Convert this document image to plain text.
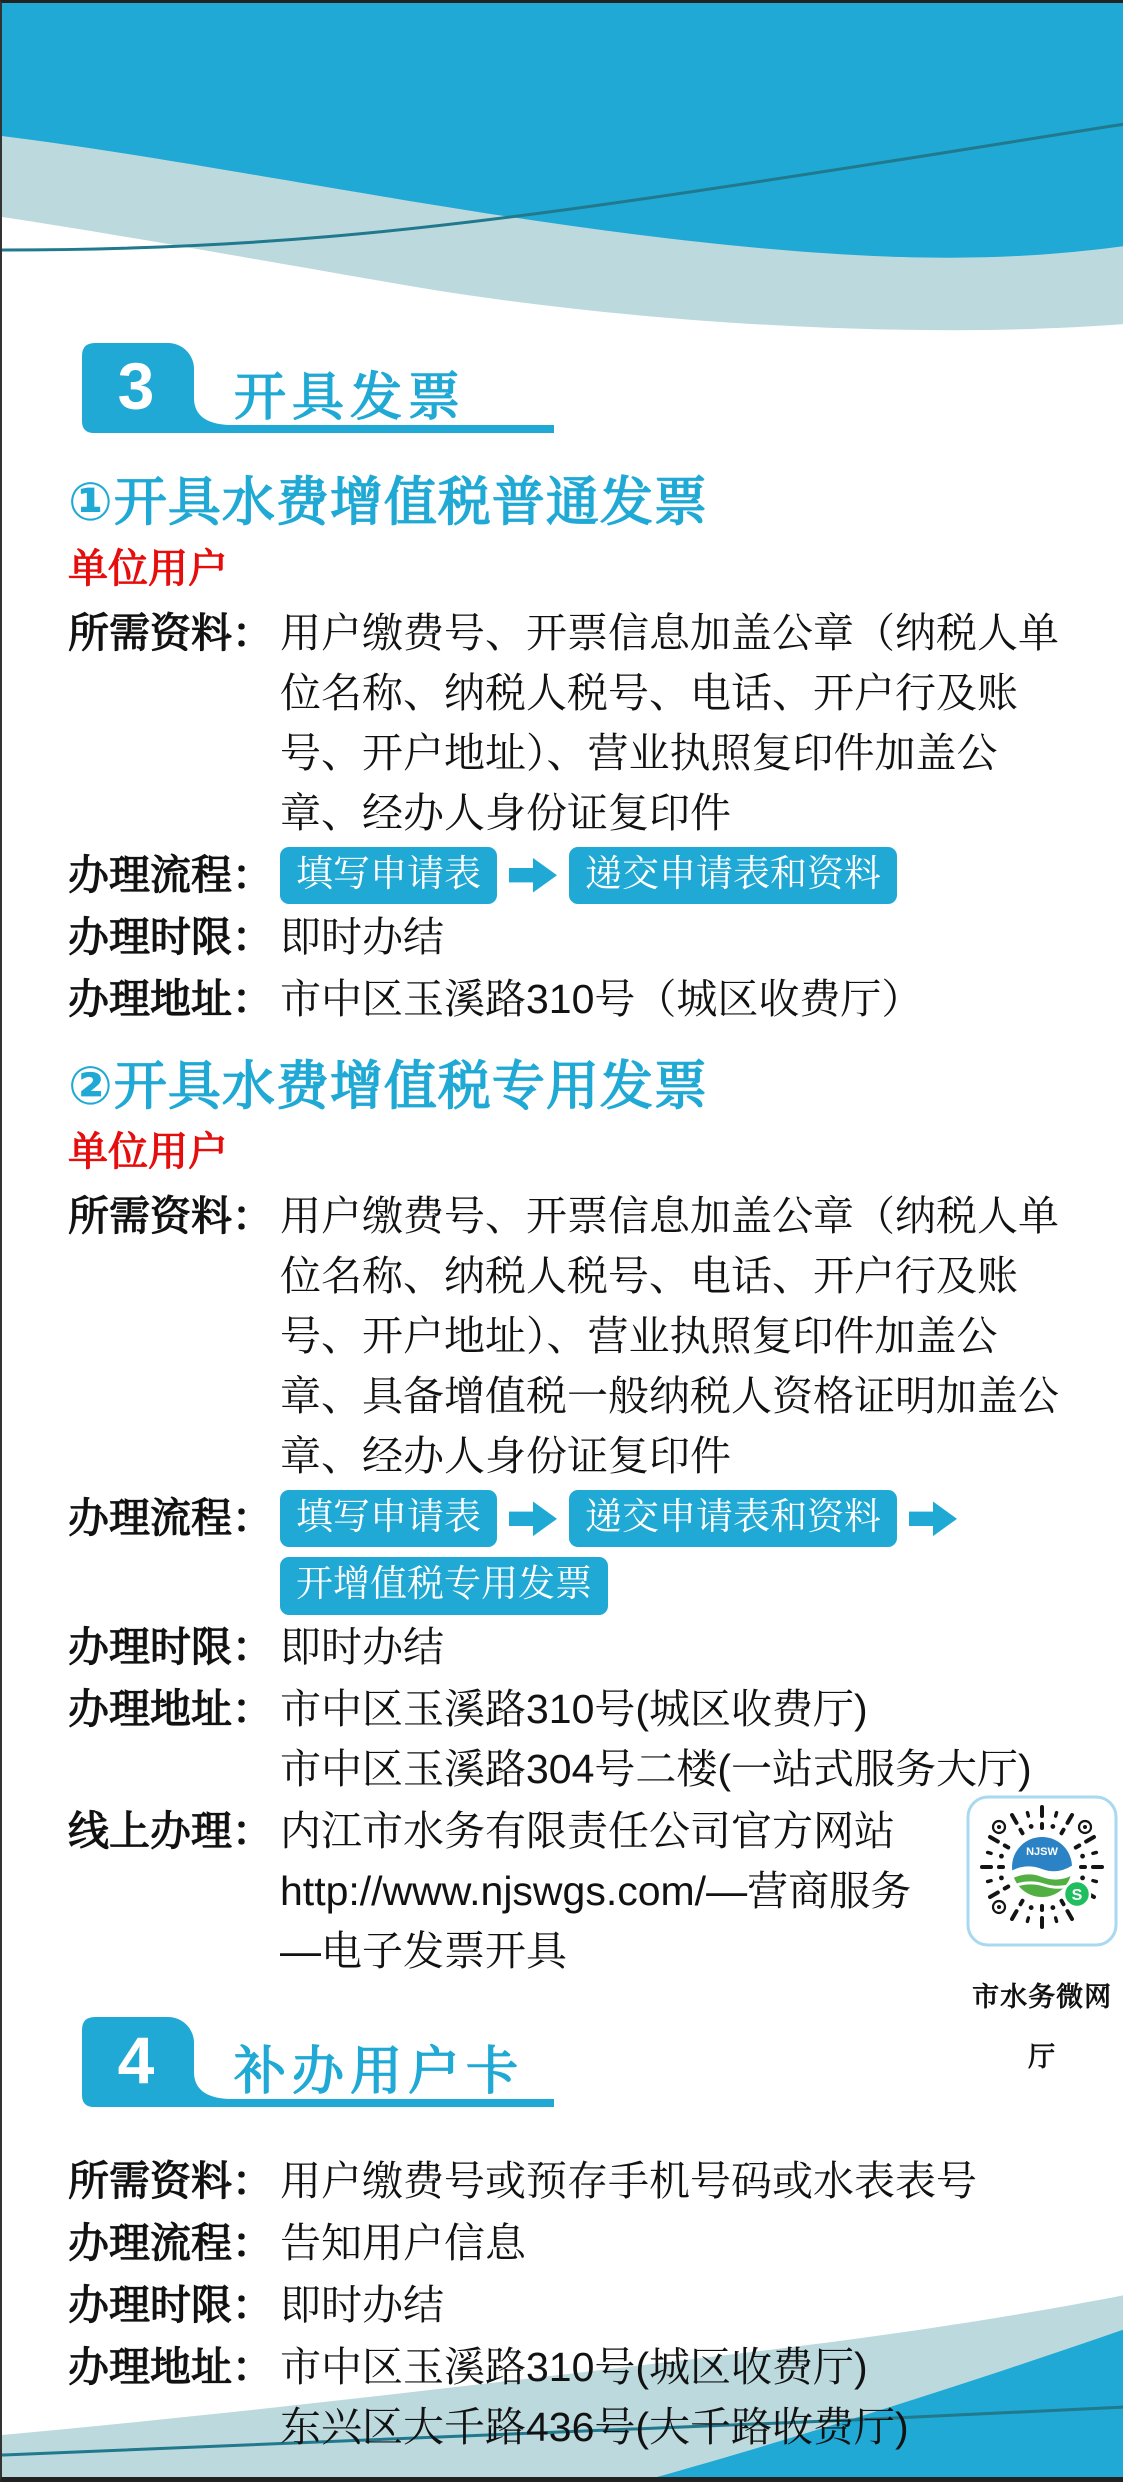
3	开具发票
①开具水费增值税普通发票
单位用户
所需资料： 用户缴费号、开票信息加盖公章（纳税人单位名称、纳税人税号、电话、开户行及账号、开户地址）、营业执照复印件加盖公章、经办人身份证复印件
办理流程： 填写申请表	递交申请表和资料
办理时限： 即时办结
办理地址： 市中区玉溪路310号（城区收费厅）
②开具水费增值税专用发票
单位用户
所需资料： 用户缴费号、开票信息加盖公章（纳税人单位名称、纳税人税号、电话、开户行及账号、开户地址）、营业执照复印件加盖公章、具备增值税一般纳税人资格证明加盖公章、经办人身份证复印件
办理流程： 填写申请表	递交申请表和资料
开增值税专用发票
办理时限： 即时办结
办理地址： 市中区玉溪路310号(城区收费厅)
市中区玉溪路304号二楼(一站式服务大厅)
线上办理： 内江市水务有限责任公司官方网站
http://www.njswgs.com/—营商服务
—电子发票开具
NJSW
S
市水务微网厅
4	补办用户卡
所需资料： 用户缴费号或预存手机号码或水表表号
办理流程： 告知用户信息
办理时限： 即时办结
办理地址： 市中区玉溪路310号(城区收费厅)
东兴区大千路436号(大千路收费厅)
